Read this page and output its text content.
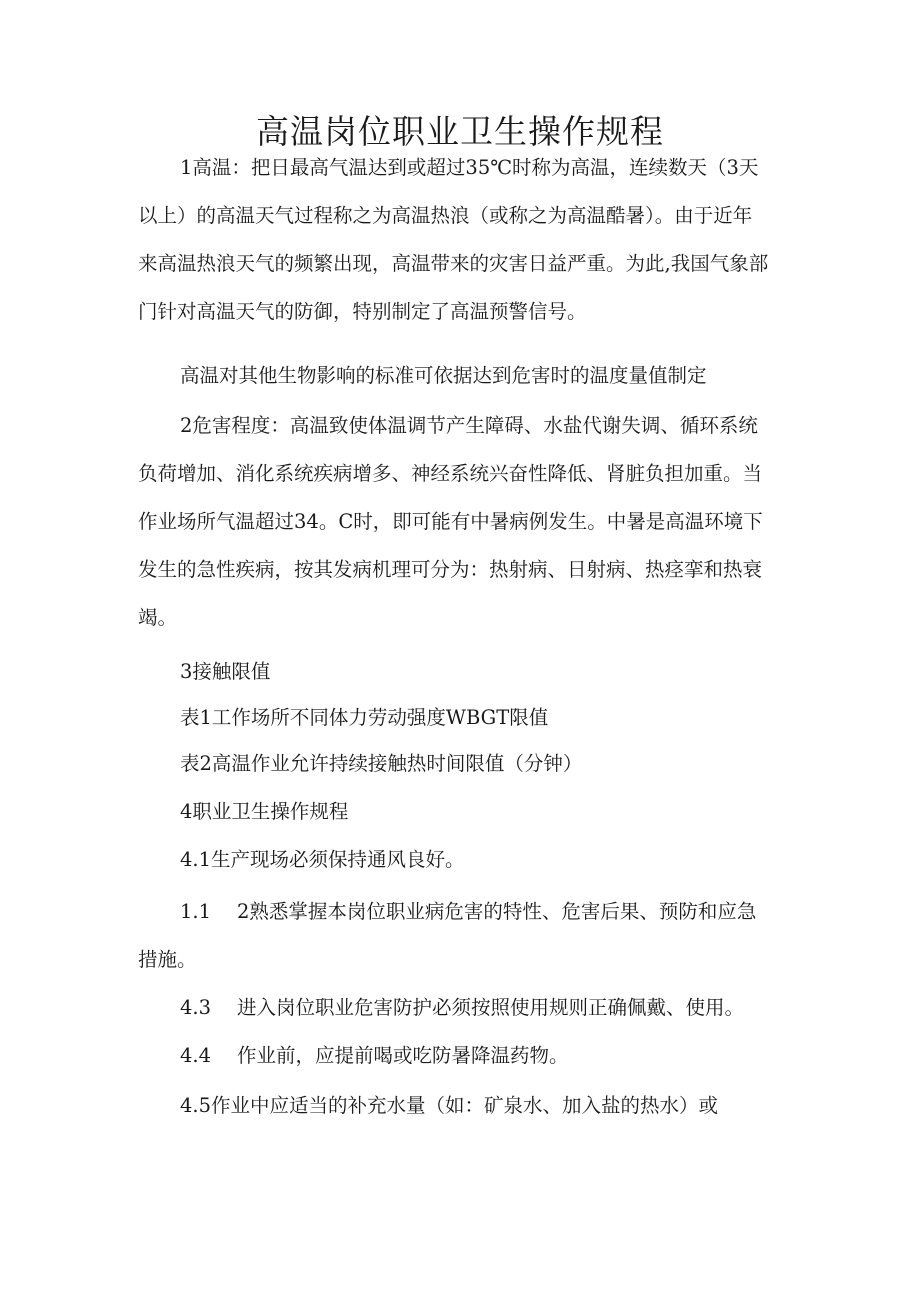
高温岗位职业卫生操作规程
1高温：把日最高气温达到或超过35℃时称为高温，连续数天（3天
以上）的高温天气过程称之为高温热浪（或称之为高温酷暑）。由于近年
来高温热浪天气的频繁出现，高温带来的灾害日益严重。为此,我国气象部
门针对高温天气的防御，特别制定了高温预警信号。

高温对其他生物影响的标准可依据达到危害时的温度量值制定

2危害程度：高温致使体温调节产生障碍、水盐代谢失调、循环系统
负荷增加、消化系统疾病增多、神经系统兴奋性降低、肾脏负担加重。当
作业场所气温超过34。C时，即可能有中暑病例发生。中暑是高温环境下
发生的急性疾病，按其发病机理可分为：热射病、日射病、热痉挛和热衰
竭。

3接触限值

表1工作场所不同体力劳动强度WBGT限值

表2高温作业允许持续接触热时间限值（分钟）

4职业卫生操作规程

4.1生产现场必须保持通风良好。

1.1 2熟悉掌握本岗位职业病危害的特性、危害后果、预防和应急
措施。

4.3 进入岗位职业危害防护必须按照使用规则正确佩戴、使用。

4.4 作业前，应提前喝或吃防暑降温药物。

4.5作业中应适当的补充水量（如：矿泉水、加入盐的热水）或
